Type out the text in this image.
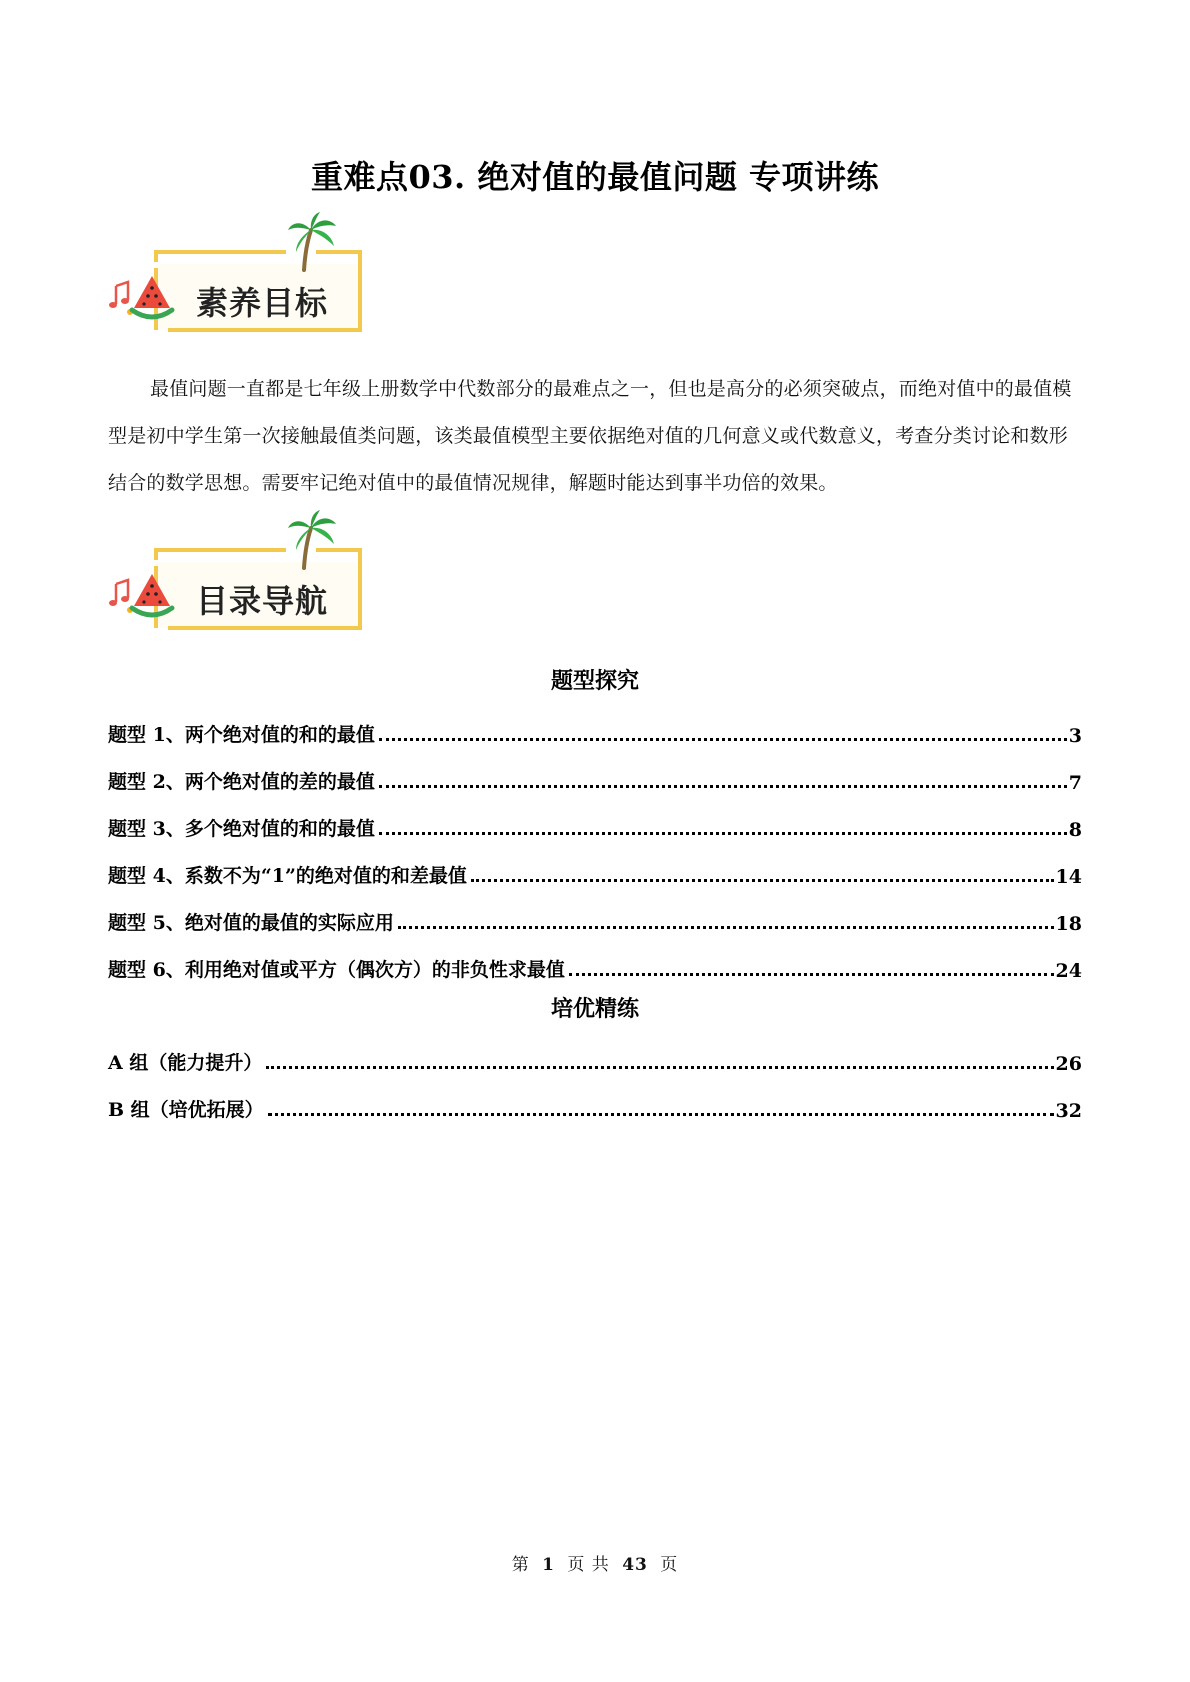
重难点03. 绝对值的最值问题 专项讲练
素养目标

最值问题一直都是七年级上册数学中代数部分的最难点之一，但也是高分的必须突破点，而绝对值中的最值模型是初中学生第一次接触最值类问题，该类最值模型主要依据绝对值的几何意义或代数意义，考查分类讨论和数形结合的数学思想。需要牢记绝对值中的最值情况规律，解题时能达到事半功倍的效果。

目录导航
题型探究
题型 1、两个绝对值的和的最值	3
题型 2、两个绝对值的差的最值	7
题型 3、多个绝对值的和的最值	8
题型 4、系数不为“1”的绝对值的和差最值	14
题型 5、绝对值的最值的实际应用	18
题型 6、利用绝对值或平方（偶次方）的非负性求最值	24
培优精练
A 组（能力提升）	26
B 组（培优拓展）	32

第 1 页 共 43 页
